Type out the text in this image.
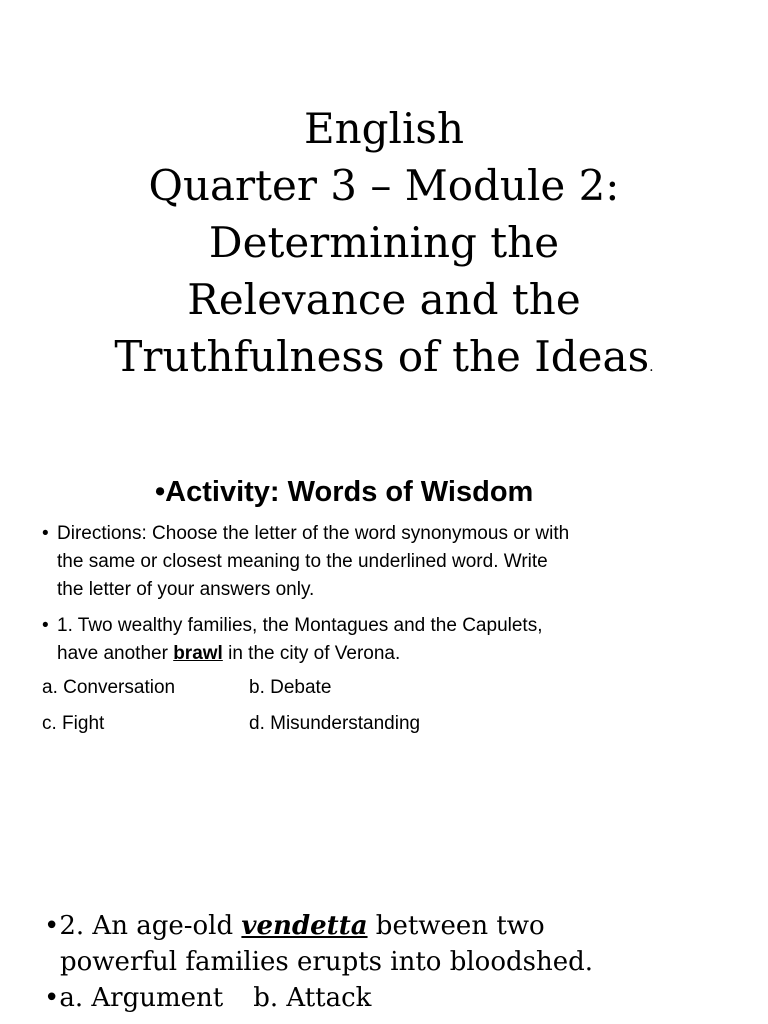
English
Quarter 3 – Module 2:
Determining the
Relevance and the
Truthfulness of the Ideas.
•Activity: Words of Wisdom
• Directions: Choose the letter of the word synonymous or with
the same or closest meaning to the underlined word. Write
the letter of your answers only.
• 1. Two wealthy families, the Montagues and the Capulets,
have another brawl in the city of Verona.
a. Conversation	b. Debate
c. Fight	d. Misunderstanding
•2. An age-old vendetta between two
powerful families erupts into bloodshed.
•a. Argument b. Attack
